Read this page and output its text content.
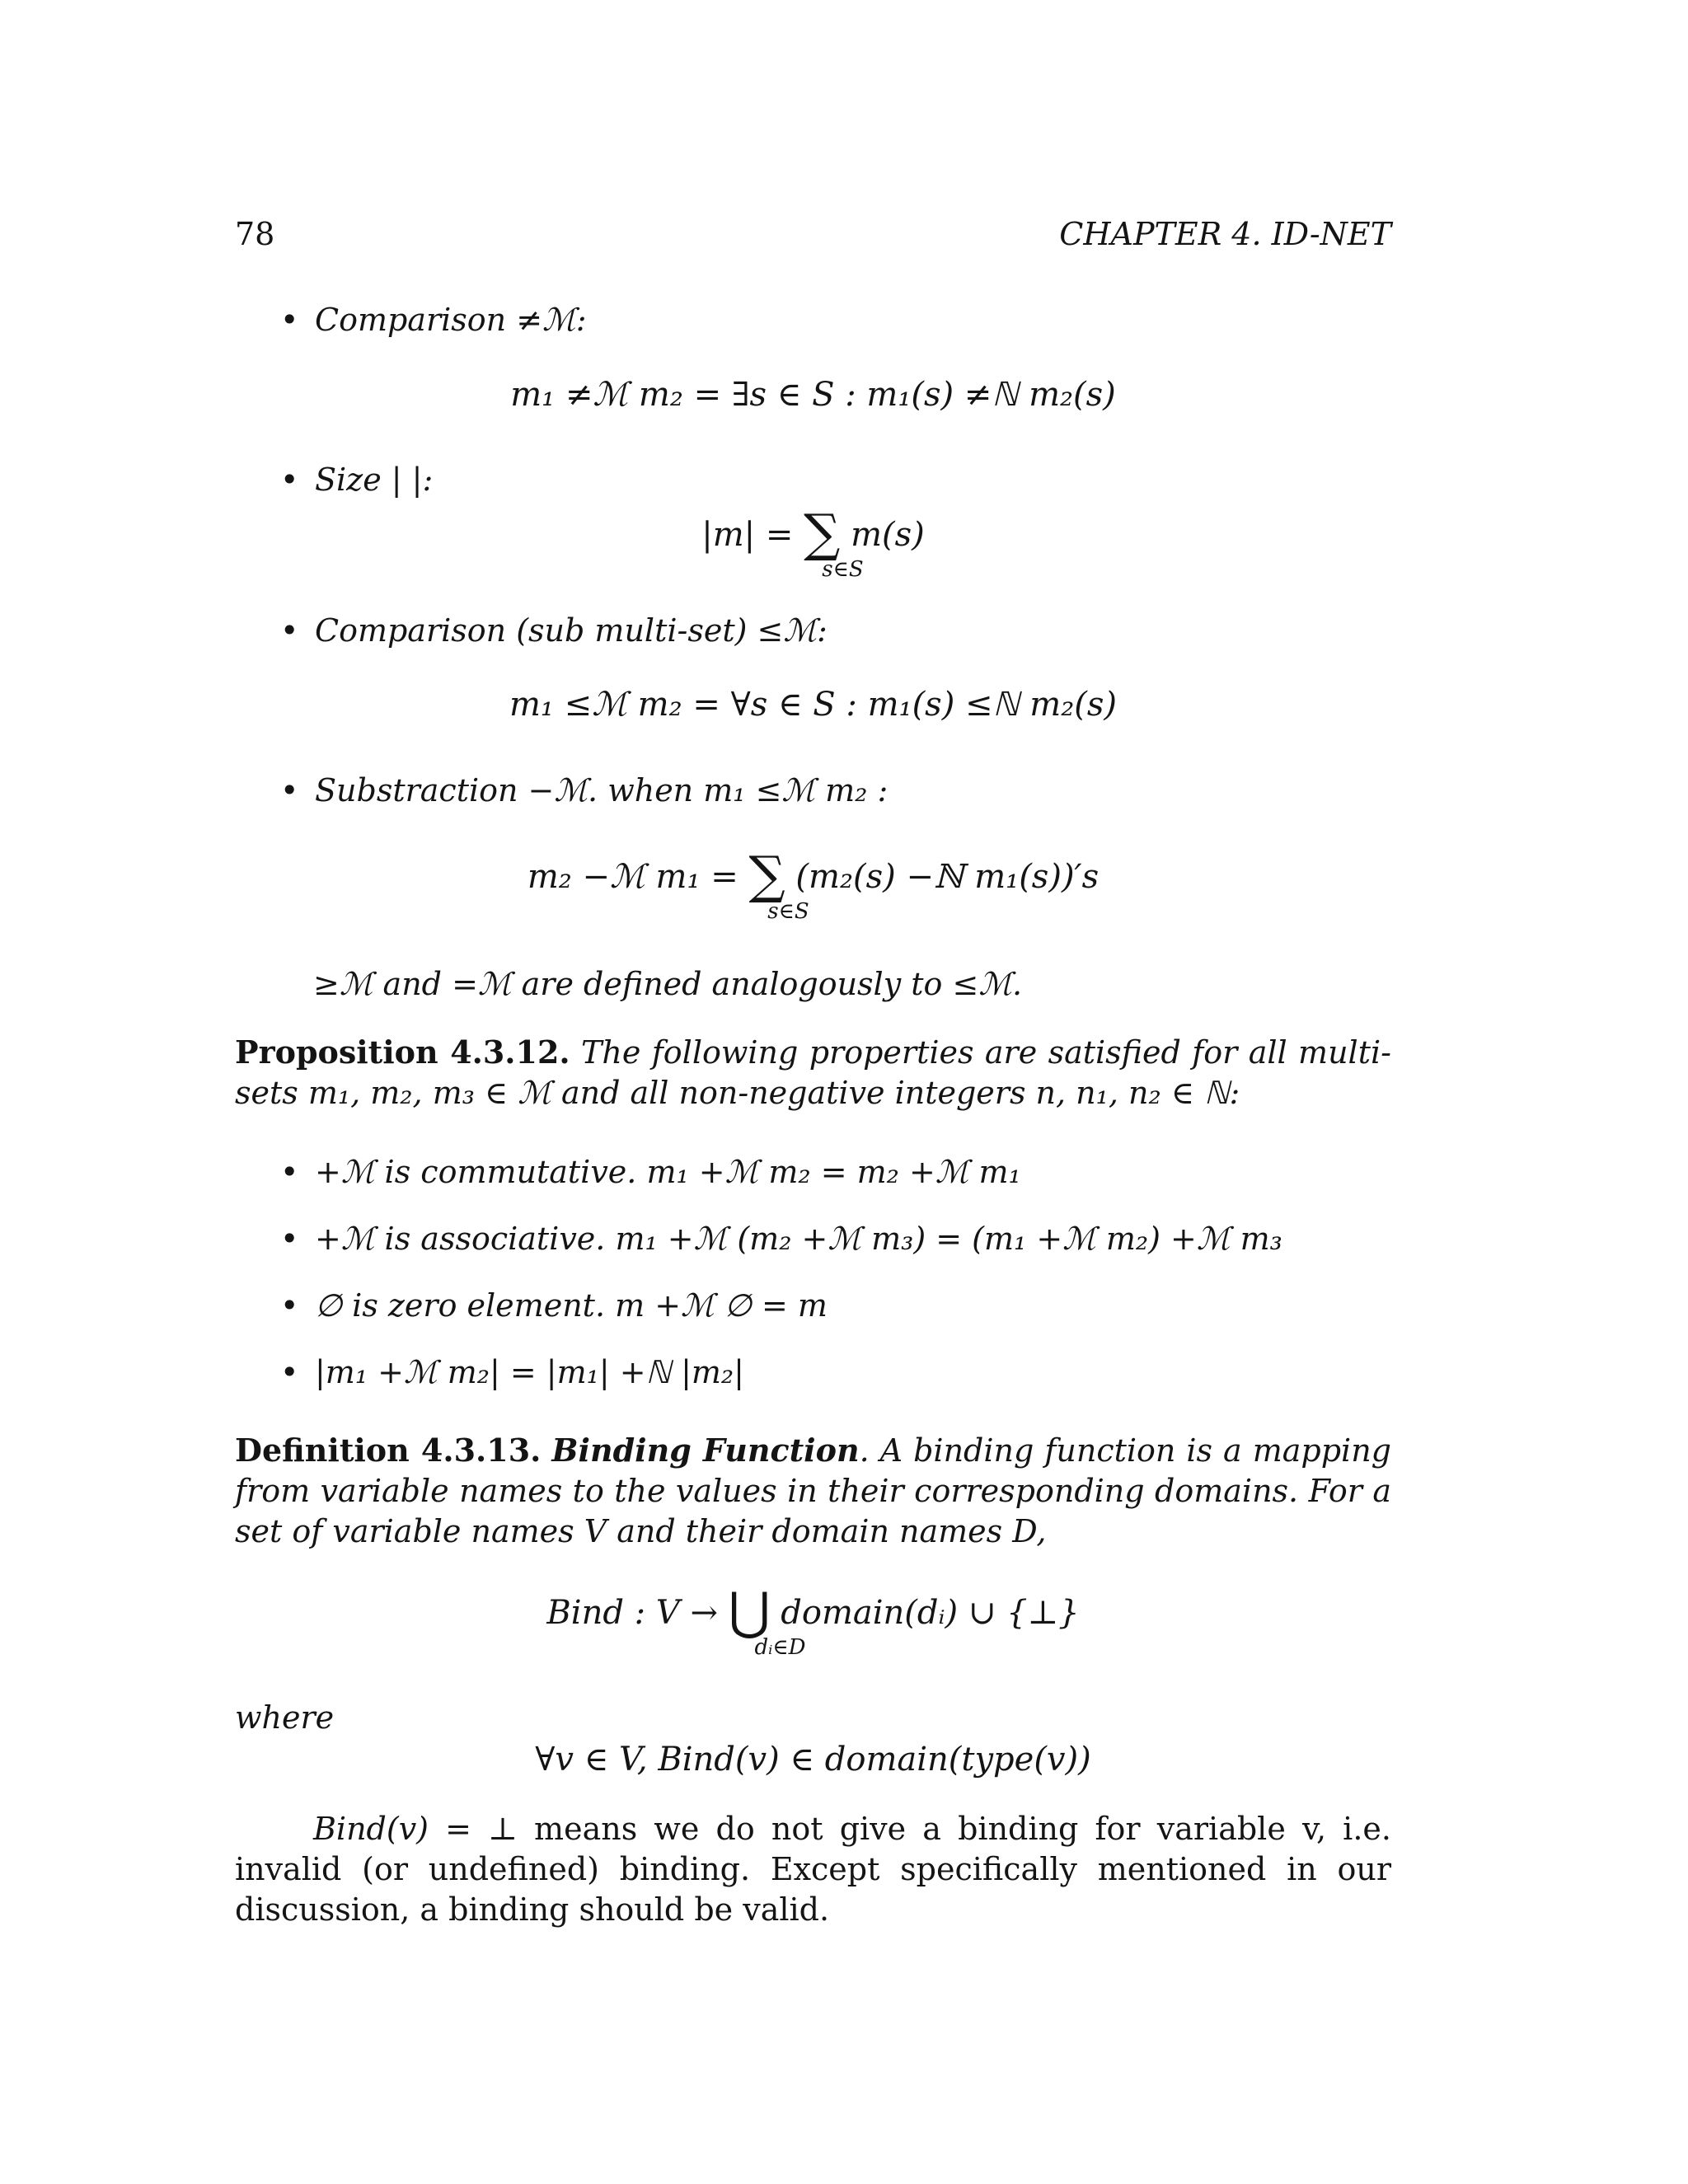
78	CHAPTER 4. ID-NET
• Comparison ≠ℳ:
m₁ ≠ℳ m₂ = ∃s ∈ S : m₁(s) ≠ℕ m₂(s)
• Size | |:
|m| = ∑ m(s)
s∈S
• Comparison (sub multi-set) ≤ℳ:
m₁ ≤ℳ m₂ = ∀s ∈ S : m₁(s) ≤ℕ m₂(s)
• Substraction −ℳ. when m₁ ≤ℳ m₂ :
m₂ −ℳ m₁ = ∑ (m₂(s) −ℕ m₁(s))′s
s∈S
≥ℳ and =ℳ are defined analogously to ≤ℳ.
Proposition 4.3.12. The following properties are satisfied for all multi-sets m₁, m₂, m₃ ∈ ℳ and all non-negative integers n, n₁, n₂ ∈ ℕ:
• +ℳ is commutative. m₁ +ℳ m₂ = m₂ +ℳ m₁
• +ℳ is associative. m₁ +ℳ (m₂ +ℳ m₃) = (m₁ +ℳ m₂) +ℳ m₃
• ∅ is zero element. m +ℳ ∅ = m
• |m₁ +ℳ m₂| = |m₁| +ℕ |m₂|
Definition 4.3.13. Binding Function. A binding function is a mapping from variable names to the values in their corresponding domains. For a set of variable names V and their domain names D,
Bind : V → ⋃ domain(dᵢ) ∪ {⊥}
dᵢ∈D
where
∀v ∈ V, Bind(v) ∈ domain(type(v))
Bind(v) = ⊥ means we do not give a binding for variable v, i.e. invalid (or undefined) binding. Except specifically mentioned in our discussion, a binding should be valid.
